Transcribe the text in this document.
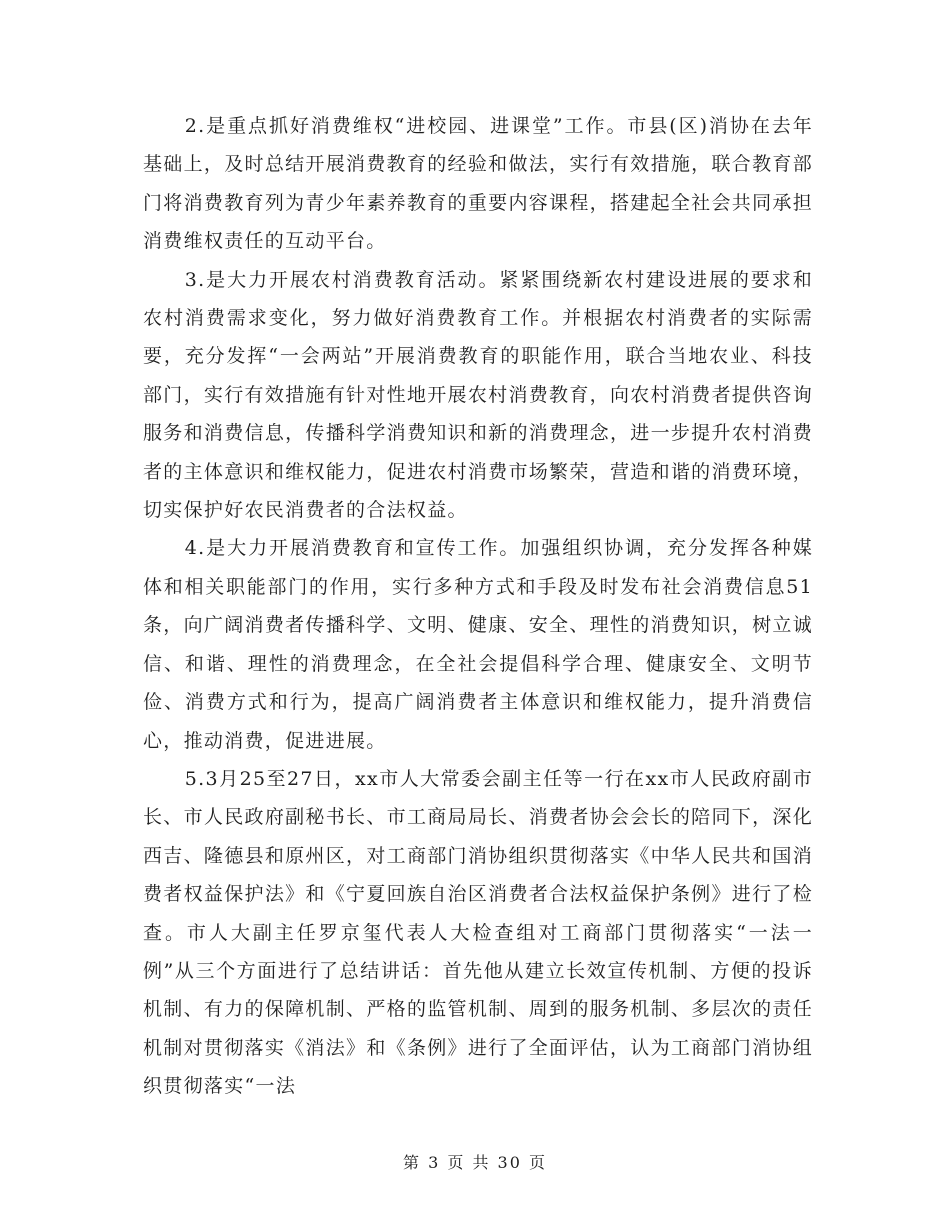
2.是重点抓好消费维权“进校园、进课堂”工作。市县(区)消协在去年基础上，及时总结开展消费教育的经验和做法，实行有效措施，联合教育部门将消费教育列为青少年素养教育的重要内容课程，搭建起全社会共同承担消费维权责任的互动平台。

3.是大力开展农村消费教育活动。紧紧围绕新农村建设进展的要求和农村消费需求变化，努力做好消费教育工作。并根据农村消费者的实际需要，充分发挥“一会两站”开展消费教育的职能作用，联合当地农业、科技部门，实行有效措施有针对性地开展农村消费教育，向农村消费者提供咨询服务和消费信息，传播科学消费知识和新的消费理念，进一步提升农村消费者的主体意识和维权能力，促进农村消费市场繁荣，营造和谐的消费环境，切实保护好农民消费者的合法权益。

4.是大力开展消费教育和宣传工作。加强组织协调，充分发挥各种媒体和相关职能部门的作用，实行多种方式和手段及时发布社会消费信息51条，向广阔消费者传播科学、文明、健康、安全、理性的消费知识，树立诚信、和谐、理性的消费理念，在全社会提倡科学合理、健康安全、文明节俭、消费方式和行为，提高广阔消费者主体意识和维权能力，提升消费信心，推动消费，促进进展。

5.3月25至27日，xx市人大常委会副主任等一行在xx市人民政府副市长、市人民政府副秘书长、市工商局局长、消费者协会会长的陪同下，深化西吉、隆德县和原州区，对工商部门消协组织贯彻落实《中华人民共和国消费者权益保护法》和《宁夏回族自治区消费者合法权益保护条例》进行了检查。市人大副主任罗京玺代表人大检查组对工商部门贯彻落实“一法一例”从三个方面进行了总结讲话：首先他从建立长效宣传机制、方便的投诉机制、有力的保障机制、严格的监管机制、周到的服务机制、多层次的责任机制对贯彻落实《消法》和《条例》进行了全面评估，认为工商部门消协组织贯彻落实“一法

第 3 页 共 30 页
